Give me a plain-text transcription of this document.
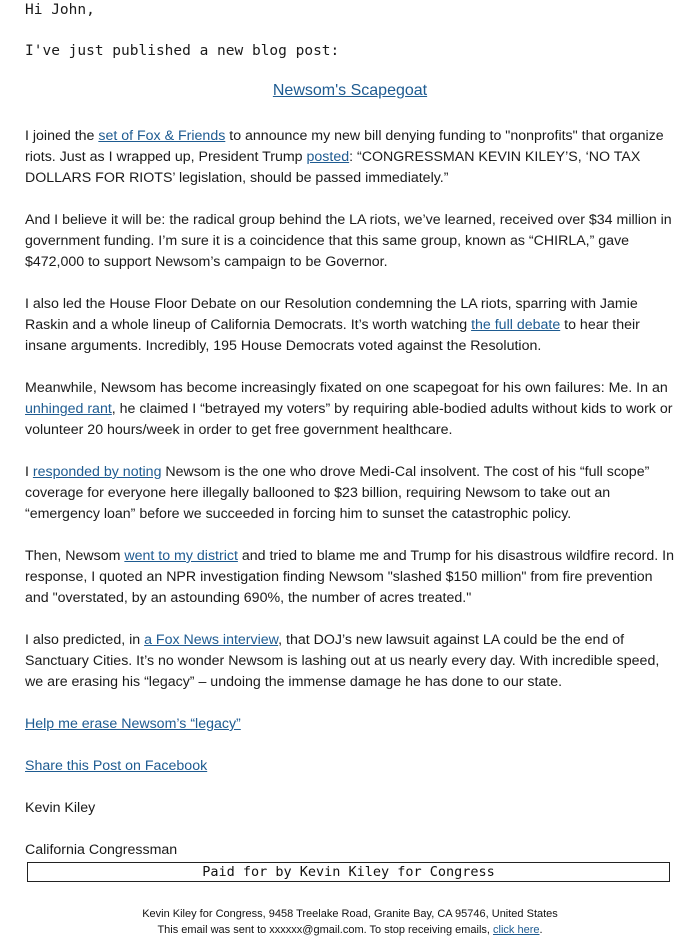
Hi John,

I've just published a new blog post:

Newsom's Scapegoat

I joined the set of Fox & Friends to announce my new bill denying funding to "nonprofits" that organize riots. Just as I wrapped up, President Trump posted: “CONGRESSMAN KEVIN KILEY’S, ‘NO TAX DOLLARS FOR RIOTS’ legislation, should be passed immediately.”

And I believe it will be: the radical group behind the LA riots, we’ve learned, received over $34 million in government funding. I’m sure it is a coincidence that this same group, known as “CHIRLA,” gave $472,000 to support Newsom’s campaign to be Governor.

I also led the House Floor Debate on our Resolution condemning the LA riots, sparring with Jamie Raskin and a whole lineup of California Democrats. It’s worth watching the full debate to hear their insane arguments. Incredibly, 195 House Democrats voted against the Resolution.

Meanwhile, Newsom has become increasingly fixated on one scapegoat for his own failures: Me. In an unhinged rant, he claimed I “betrayed my voters” by requiring able-bodied adults without kids to work or volunteer 20 hours/week in order to get free government healthcare.

I responded by noting Newsom is the one who drove Medi-Cal insolvent. The cost of his “full scope” coverage for everyone here illegally ballooned to $23 billion, requiring Newsom to take out an “emergency loan” before we succeeded in forcing him to sunset the catastrophic policy.

Then, Newsom went to my district and tried to blame me and Trump for his disastrous wildfire record. In response, I quoted an NPR investigation finding Newsom "slashed $150 million" from fire prevention and "overstated, by an astounding 690%, the number of acres treated."

I also predicted, in a Fox News interview, that DOJ’s new lawsuit against LA could be the end of Sanctuary Cities. It’s no wonder Newsom is lashing out at us nearly every day. With incredible speed, we are erasing his “legacy” – undoing the immense damage he has done to our state.

Help me erase Newsom’s “legacy”

Share this Post on Facebook

Kevin Kiley

California Congressman

Paid for by Kevin Kiley for Congress

Kevin Kiley for Congress, 9458 Treelake Road, Granite Bay, CA 95746, United States

This email was sent to xxxxxx@gmail.com. To stop receiving emails, click here.
